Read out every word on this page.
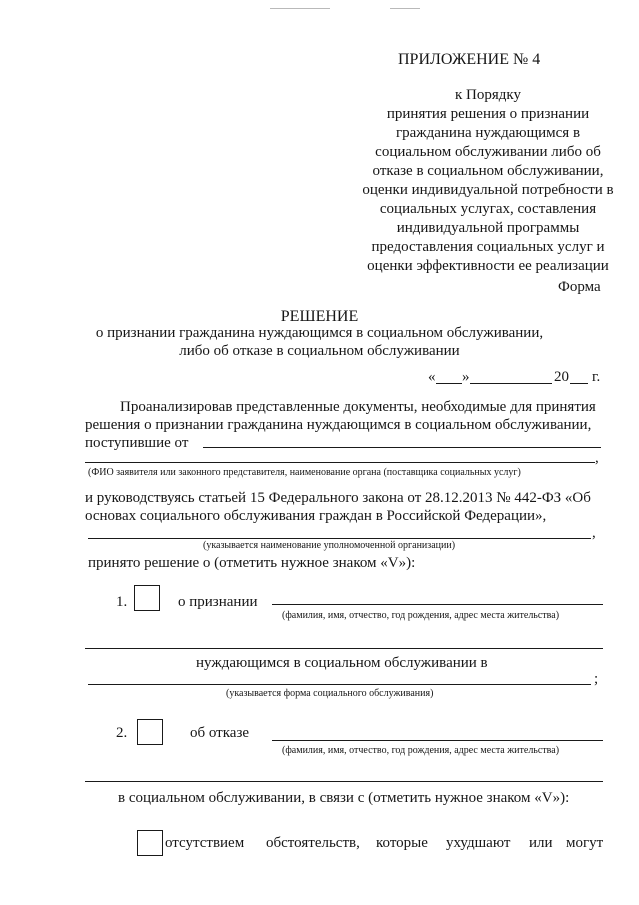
ПРИЛОЖЕНИЕ № 4
к Порядку
принятия решения о признании
гражданина нуждающимся в
социальном обслуживании либо об
отказе в социальном обслуживании,
оценки индивидуальной потребности в
социальных услугах, составления
индивидуальной программы
предоставления социальных услуг и
оценки эффективности ее реализации
Форма
РЕШЕНИЕ
о признании гражданина нуждающимся в социальном обслуживании,
либо об отказе в социальном обслуживании
« »	20 г.
Проанализировав представленные документы, необходимые для принятия
решения о признании гражданина нуждающимся в социальном обслуживании,
поступившие от
,
(ФИО заявителя или законного представителя, наименование органа (поставщика социальных услуг)
и руководствуясь статьей 15 Федерального закона от 28.12.2013 № 442-ФЗ «Об
основах социального обслуживания граждан в Российской Федерации»,
,
(указывается наименование уполномоченной организации)
принято решение о (отметить нужное знаком «V»):
1.	о признании
(фамилия, имя, отчество, год рождения, адрес места жительства)
нуждающимся в социальном обслуживании в
;
(указывается форма социального обслуживания)
2.	об отказе
(фамилия, имя, отчество, год рождения, адрес места жительства)
в социальном обслуживании, в связи с (отметить нужное знаком «V»):
отсутствием обстоятельств, которые ухудшают или могут
